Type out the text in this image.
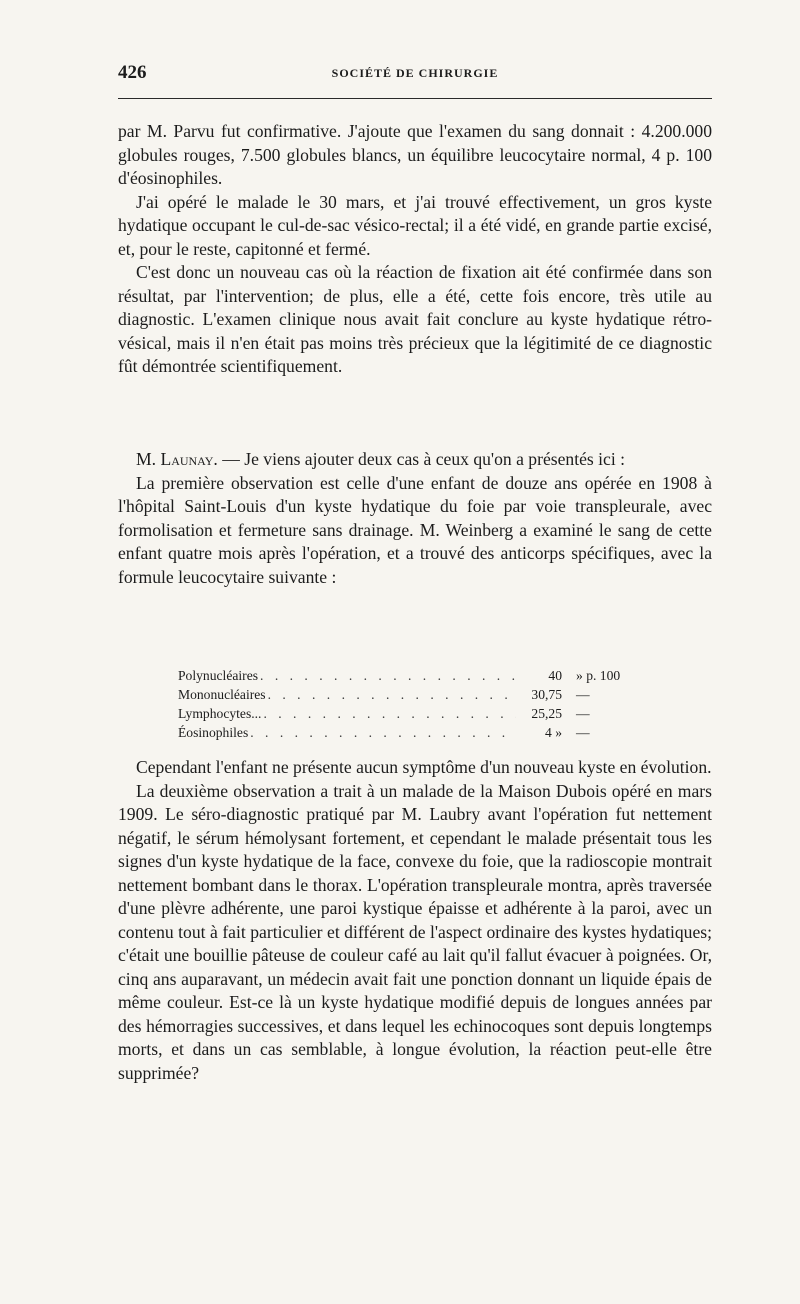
426	SOCIÉTÉ DE CHIRURGIE

par M. Parvu fut confirmative. J'ajoute que l'examen du sang donnait : 4.200.000 globules rouges, 7.500 globules blancs, un équilibre leucocytaire normal, 4 p. 100 d'éosinophiles.

J'ai opéré le malade le 30 mars, et j'ai trouvé effectivement, un gros kyste hydatique occupant le cul-de-sac vésico-rectal; il a été vidé, en grande partie excisé, et, pour le reste, capitonné et fermé.

C'est donc un nouveau cas où la réaction de fixation ait été confirmée dans son résultat, par l'intervention; de plus, elle a été, cette fois encore, très utile au diagnostic. L'examen clinique nous avait fait conclure au kyste hydatique rétro-vésical, mais il n'en était pas moins très précieux que la légitimité de ce diagnostic fût démontrée scientifiquement.

M. Launay. — Je viens ajouter deux cas à ceux qu'on a présentés ici :

La première observation est celle d'une enfant de douze ans opérée en 1908 à l'hôpital Saint-Louis d'un kyste hydatique du foie par voie transpleurale, avec formolisation et fermeture sans drainage. M. Weinberg a examiné le sang de cette enfant quatre mois après l'opération, et a trouvé des anticorps spécifiques, avec la formule leucocytaire suivante :

Polynucléaires . . .	40	» p. 100
Mononucléaires . . .	30,75	—
Lymphocytes... . . .	25,25	—
Éosinophiles . . .	4 »	—

Cependant l'enfant ne présente aucun symptôme d'un nouveau kyste en évolution.

La deuxième observation a trait à un malade de la Maison Dubois opéré en mars 1909. Le séro-diagnostic pratiqué par M. Laubry avant l'opération fut nettement négatif, le sérum hémolysant fortement, et cependant le malade présentait tous les signes d'un kyste hydatique de la face, convexe du foie, que la radioscopie montrait nettement bombant dans le thorax. L'opération transpleurale montra, après traversée d'une plèvre adhérente, une paroi kystique épaisse et adhérente à la paroi, avec un contenu tout à fait particulier et différent de l'aspect ordinaire des kystes hydatiques; c'était une bouillie pâteuse de couleur café au lait qu'il fallut évacuer à poignées. Or, cinq ans auparavant, un médecin avait fait une ponction donnant un liquide épais de même couleur. Est-ce là un kyste hydatique modifié depuis de longues années par des hémorragies successives, et dans lequel les echinocoques sont depuis longtemps morts, et dans un cas semblable, à longue évolution, la réaction peut-elle être supprimée?
